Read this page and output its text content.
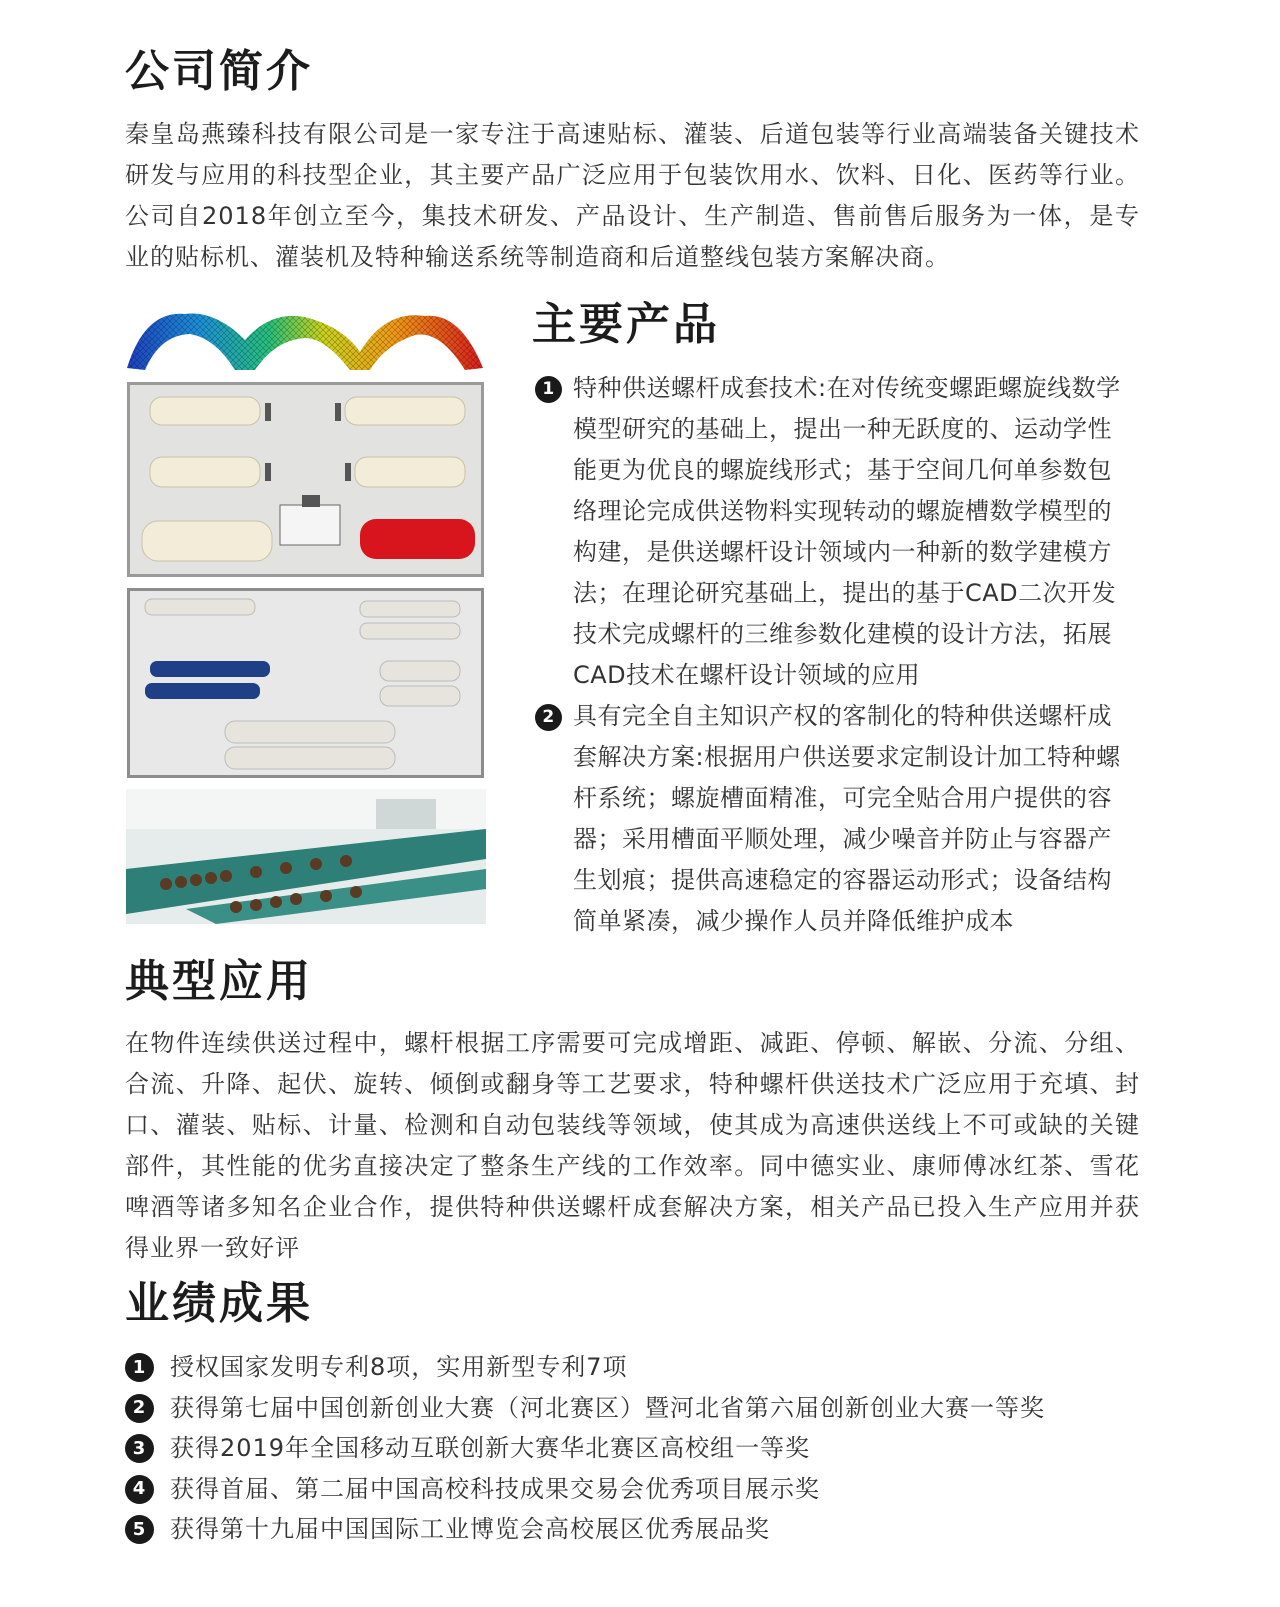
公司简介

秦皇岛燕臻科技有限公司是一家专注于高速贴标、灌装、后道包装等行业高端装备关键技术研发与应用的科技型企业，其主要产品广泛应用于包装饮用水、饮料、日化、医药等行业。公司自2018年创立至今，集技术研发、产品设计、生产制造、售前售后服务为一体，是专业的贴标机、灌装机及特种输送系统等制造商和后道整线包装方案解决商。

主要产品
1 特种供送螺杆成套技术:在对传统变螺距螺旋线数学模型研究的基础上，提出一种无跃度的、运动学性能更为优良的螺旋线形式；基于空间几何单参数包络理论完成供送物料实现转动的螺旋槽数学模型的构建，是供送螺杆设计领域内一种新的数学建模方法；在理论研究基础上，提出的基于CAD二次开发技术完成螺杆的三维参数化建模的设计方法，拓展CAD技术在螺杆设计领域的应用
2 具有完全自主知识产权的客制化的特种供送螺杆成套解决方案:根据用户供送要求定制设计加工特种螺杆系统；螺旋槽面精准，可完全贴合用户提供的容器；采用槽面平顺处理，减少噪音并防止与容器产生划痕；提供高速稳定的容器运动形式；设备结构简单紧凑，减少操作人员并降低维护成本
典型应用

在物件连续供送过程中，螺杆根据工序需要可完成增距、减距、停顿、解嵌、分流、分组、合流、升降、起伏、旋转、倾倒或翻身等工艺要求，特种螺杆供送技术广泛应用于充填、封口、灌装、贴标、计量、检测和自动包装线等领域，使其成为高速供送线上不可或缺的关键部件，其性能的优劣直接决定了整条生产线的工作效率。同中德实业、康师傅冰红茶、雪花啤酒等诸多知名企业合作，提供特种供送螺杆成套解决方案，相关产品已投入生产应用并获得业界一致好评

业绩成果
1 授权国家发明专利8项，实用新型专利7项
2 获得第七届中国创新创业大赛（河北赛区）暨河北省第六届创新创业大赛一等奖
3 获得2019年全国移动互联创新大赛华北赛区高校组一等奖
4 获得首届、第二届中国高校科技成果交易会优秀项目展示奖
5 获得第十九届中国国际工业博览会高校展区优秀展品奖
